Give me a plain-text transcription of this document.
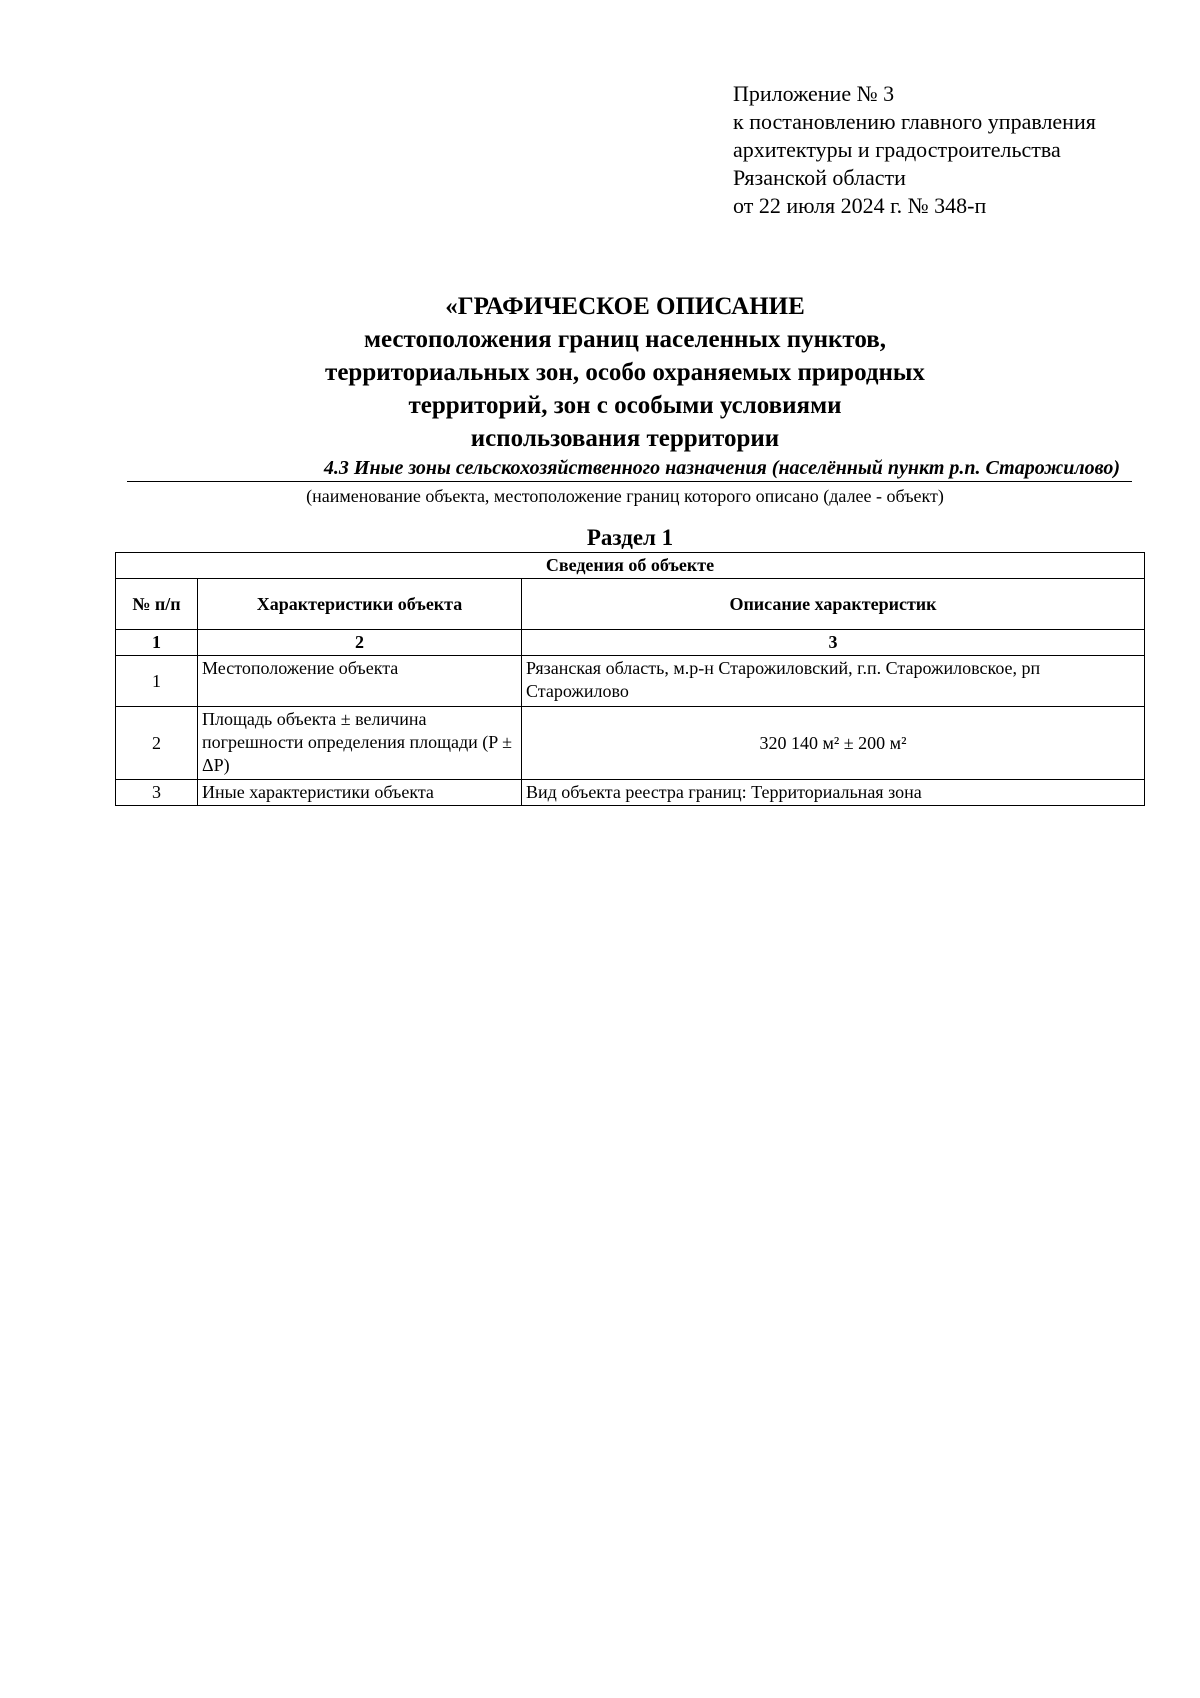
Приложение № 3
к постановлению главного управления
архитектуры и градостроительства
Рязанской области
от 22 июля 2024 г. № 348-п
«ГРАФИЧЕСКОЕ ОПИСАНИЕ
местоположения границ населенных пунктов,
территориальных зон, особо охраняемых природных
территорий, зон с особыми условиями
использования территории
4.3 Иные зоны сельскохозяйственного назначения (населённый пункт р.п. Старожилово)
(наименование объекта, местоположение границ которого описано (далее - объект)
Раздел 1
Сведения об объекте		
№ п/п	Характеристики объекта	Описание характеристик
1	2	3
1	Местоположение объекта	Рязанская область, м.р-н Старожиловский, г.п. Старожиловское, рп Старожилово
2	Площадь объекта ± величина погрешности определения площади (P ± ΔP)	320 140 м² ± 200 м²
3	Иные характеристики объекта	Вид объекта реестра границ: Территориальная зона
